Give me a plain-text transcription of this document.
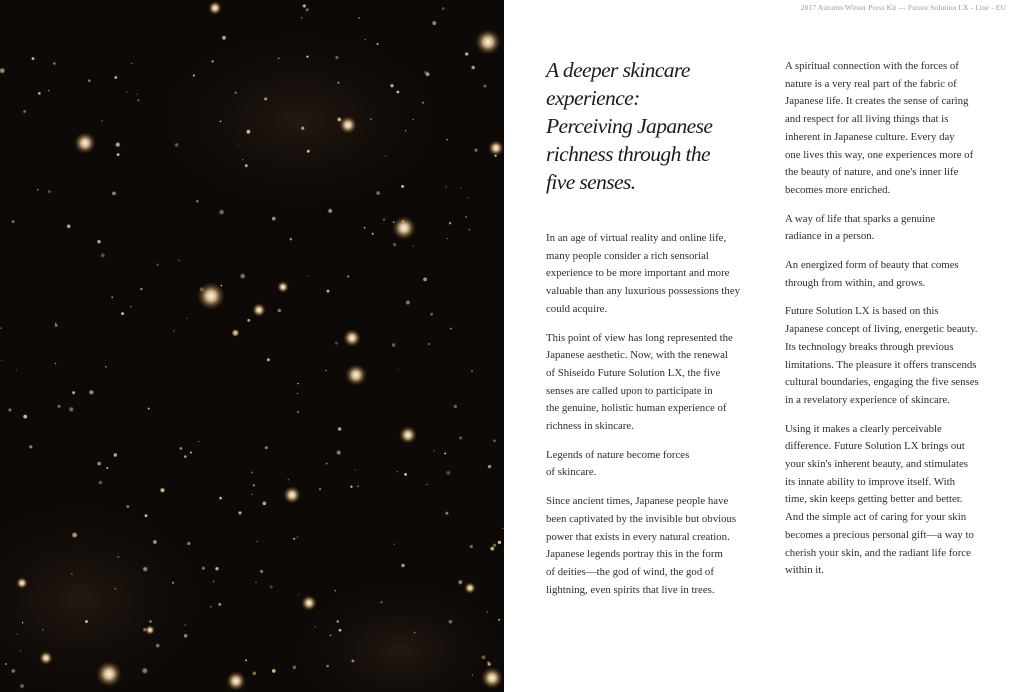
2017 Autumn/Winter Press Kit — Future Solution LX - Line - EU
A deeper skincare
experience:
Perceiving Japanese
richness through the
five senses.

In an age of virtual reality and online life,
many people consider a rich sensorial
experience to be more important and more
valuable than any luxurious possessions they
could acquire.

This point of view has long represented the
Japanese aesthetic. Now, with the renewal
of Shiseido Future Solution LX, the five
senses are called upon to participate in
the genuine, holistic human experience of
richness in skincare.

Legends of nature become forces
of skincare.

Since ancient times, Japanese people have
been captivated by the invisible but obvious
power that exists in every natural creation.
Japanese legends portray this in the form
of deities—the god of wind, the god of
lightning, even spirits that live in trees.

A spiritual connection with the forces of
nature is a very real part of the fabric of
Japanese life. It creates the sense of caring
and respect for all living things that is
inherent in Japanese culture. Every day
one lives this way, one experiences more of
the beauty of nature, and one's inner life
becomes more enriched.

A way of life that sparks a genuine
radiance in a person.

An energized form of beauty that comes
through from within, and grows.

Future Solution LX is based on this
Japanese concept of living, energetic beauty.
Its technology breaks through previous
limitations. The pleasure it offers transcends
cultural boundaries, engaging the five senses
in a revelatory experience of skincare.

Using it makes a clearly perceivable
difference. Future Solution LX brings out
your skin's inherent beauty, and stimulates
its innate ability to improve itself. With
time, skin keeps getting better and better.
And the simple act of caring for your skin
becomes a precious personal gift—a way to
cherish your skin, and the radiant life force
within it.
